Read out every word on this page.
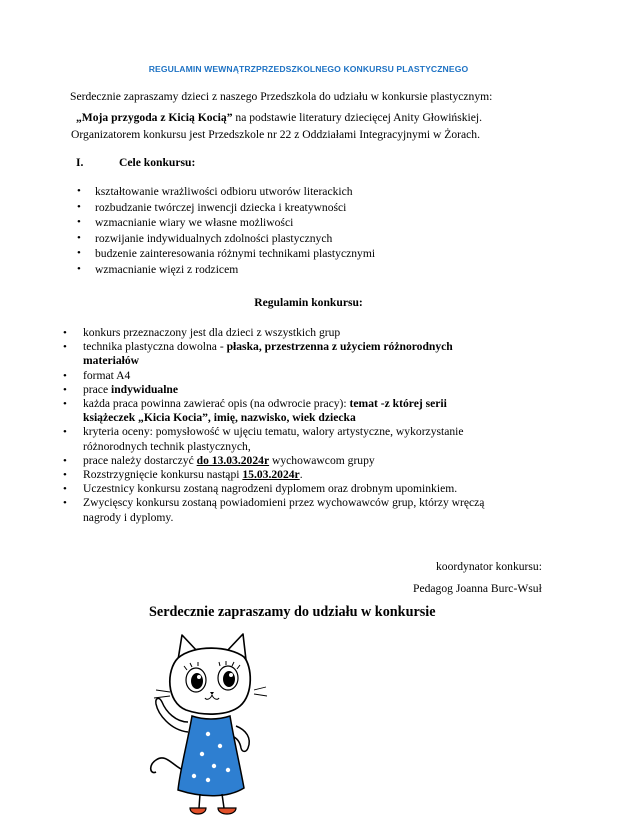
REGULAMIN WEWNĄTRZPRZEDSZKOLNEGO KONKURSU PLASTYCZNEGO
Serdecznie zapraszamy dzieci z naszego Przedszkola do udziału w konkursie plastycznym:
„Moja przygoda z Kicią Kocią” na podstawie literatury dziecięcej Anity Głowińskiej.
Organizatorem konkursu jest Przedszkole nr 22 z Oddziałami Integracyjnymi w Żorach.
I.	Cele konkursu:
• kształtowanie wrażliwości odbioru utworów literackich
• rozbudzanie twórczej inwencji dziecka i kreatywności
• wzmacnianie wiary we własne możliwości
• rozwijanie indywidualnych zdolności plastycznych
• budzenie zainteresowania różnymi technikami plastycznymi
• wzmacnianie więzi z rodzicem
Regulamin konkursu:
• konkurs przeznaczony jest dla dzieci z wszystkich grup
• technika plastyczna dowolna - płaska, przestrzenna z użyciem różnorodnych
materiałów
• format A4
• prace indywidualne
• każda praca powinna zawierać opis (na odwrocie pracy): temat -z której serii
książeczek „Kicia Kocia”, imię, nazwisko, wiek dziecka
• kryteria oceny: pomysłowość w ujęciu tematu, walory artystyczne, wykorzystanie
różnorodnych technik plastycznych,
• prace należy dostarczyć do 13.03.2024r wychowawcom grupy
• Rozstrzygnięcie konkursu nastąpi 15.03.2024r.
• Uczestnicy konkursu zostaną nagrodzeni dyplomem oraz drobnym upominkiem.
• Zwycięscy konkursu zostaną powiadomieni przez wychowawców grup, którzy wręczą
nagrody i dyplomy.
koordynator konkursu:
Pedagog Joanna Burc-Wsuł
Serdecznie zapraszamy do udziału w konkursie
